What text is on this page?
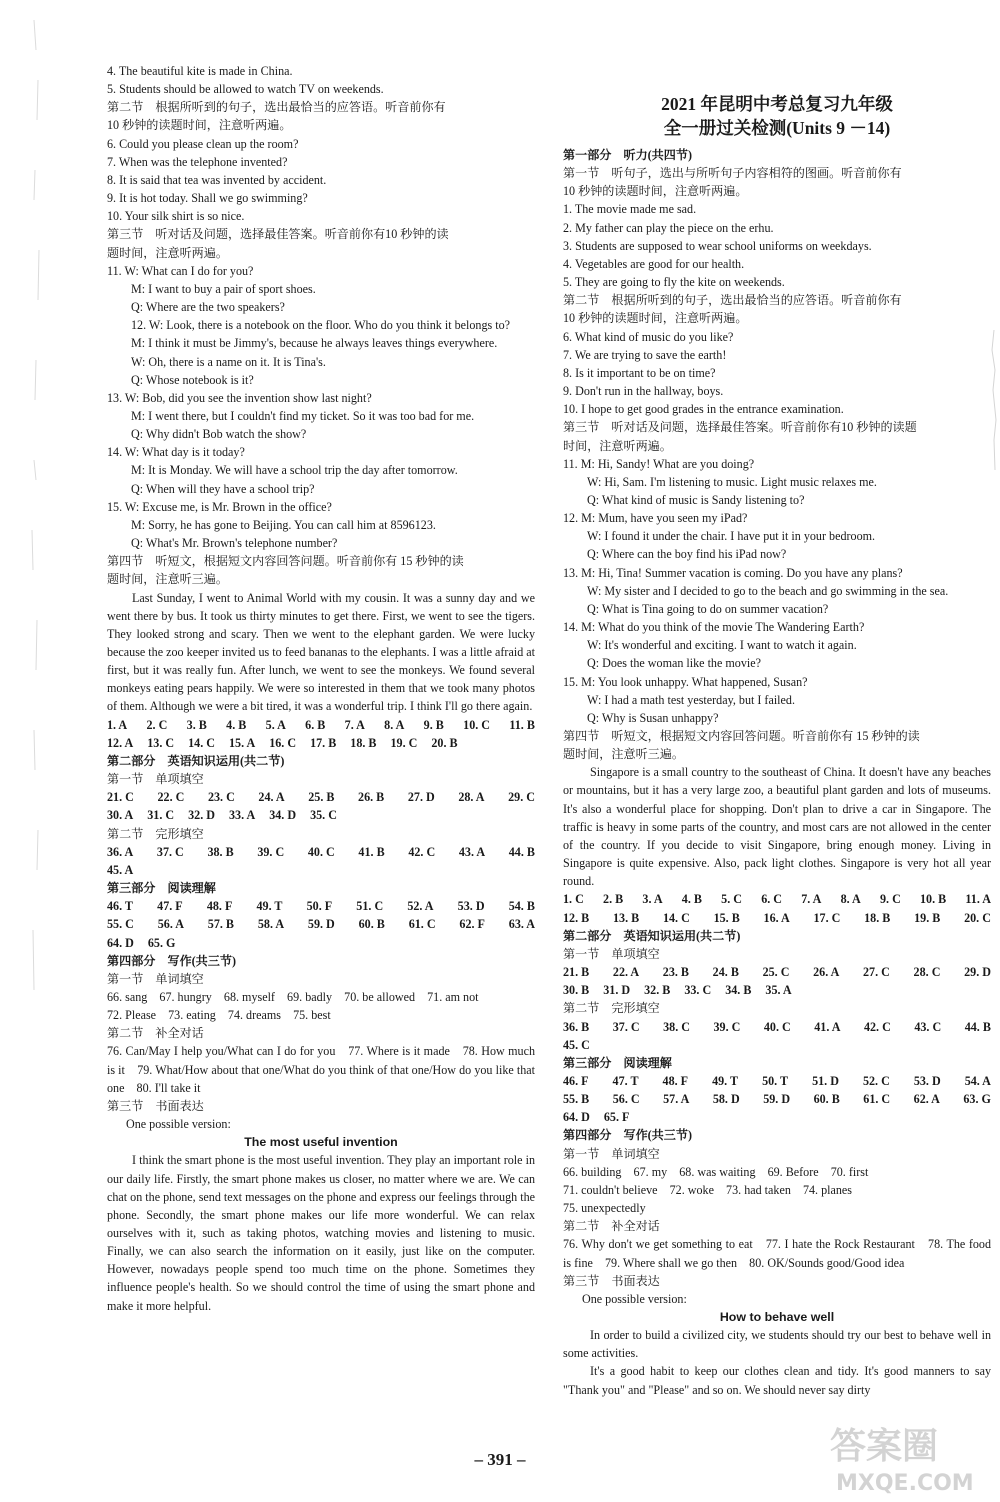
4. The beautiful kite is made in China.
5. Students should be allowed to watch TV on weekends.
第二节　根据所听到的句子，选出最恰当的应答语。听音前你有
10 秒钟的读题时间，注意听两遍。
6. Could you please clean up the room?
7. When was the telephone invented?
8. It is said that tea was invented by accident.
9. It is hot today. Shall we go swimming?
10. Your silk shirt is so nice.
第三节　听对话及问题，选择最佳答案。听音前你有10 秒钟的读
题时间，注意听两遍。
11. W: What can I do for you?
M: I want to buy a pair of sport shoes.
Q: Where are the two speakers?
12. W: Look, there is a notebook on the floor. Who do you think it belongs to?
M: I think it must be Jimmy's, because he always leaves things everywhere.
W: Oh, there is a name on it. It is Tina's.
Q: Whose notebook is it?
13. W: Bob, did you see the invention show last night?
M: I went there, but I couldn't find my ticket. So it was too bad for me.
Q: Why didn't Bob watch the show?
14. W: What day is it today?
M: It is Monday. We will have a school trip the day after tomorrow.
Q: When will they have a school trip?
15. W: Excuse me, is Mr. Brown in the office?
M: Sorry, he has gone to Beijing. You can call him at 8596123.
Q: What's Mr. Brown's telephone number?
第四节　听短文，根据短文内容回答问题。听音前你有 15 秒钟的读
题时间，注意听三遍。
Last Sunday, I went to Animal World with my cousin. It was a sunny day and we went there by bus. It took us thirty minutes to get there. First, we went to see the tigers. They looked strong and scary. Then we went to the elephant garden. We were lucky because the zoo keeper invited us to feed bananas to the elephants. I was a little afraid at first, but it was really fun. After lunch, we went to see the monkeys. We found several monkeys eating pears happily. We were so interested in them that we took many photos of them. Although we were a bit tired, it was a wonderful trip. I think I'll go there again.
1. A 2. C 3. B 4. B 5. A 6. B 7. A 8. A 9. B 10. C 11. B
12. A 13. C 14. C 15. A 16. C 17. B 18. B 19. C 20. B
第二部分　英语知识运用(共二节)
第一节　单项填空
21. C 22. C 23. C 24. A 25. B 26. B 27. D 28. A 29. C
30. A 31. C 32. D 33. A 34. D 35. C
第二节　完形填空
36. A 37. C 38. B 39. C 40. C 41. B 42. C 43. A 44. B
45. A
第三部分　阅读理解
46. T 47. F 48. F 49. T 50. F 51. C 52. A 53. D 54. B
55. C 56. A 57. B 58. A 59. D 60. B 61. C 62. F 63. A
64. D 65. G
第四部分　写作(共三节)
第一节　单词填空
66. sang　67. hungry　68. myself　69. badly　70. be allowed　71. am not
72. Please　73. eating　74. dreams　75. best
第二节　补全对话
76. Can/May I help you/What can I do for you　77. Where is it made　78. How much is it　79. What/How about that one/What do you think of that one/How do you like that one　80. I'll take it
第三节　书面表达
One possible version:
The most useful invention
I think the smart phone is the most useful invention. They play an important role in our daily life. Firstly, the smart phone makes us closer, no matter where we are. We can chat on the phone, send text messages on the phone and express our feelings through the phone. Secondly, the smart phone makes our life more wonderful. We can relax ourselves with it, such as taking photos, watching movies and listening to music. Finally, we can also search the information on it easily, just like on the computer. However, nowadays people spend too much time on the phone. Sometimes they influence people's health. So we should control the time of using the smart phone and make it more helpful.
2021 年昆明中考总复习九年级
全一册过关检测(Units 9 －14)
第一部分　听力(共四节)
第一节　听句子，选出与所听句子内容相符的图画。听音前你有
10 秒钟的读题时间，注意听两遍。
1. The movie made me sad.
2. My father can play the piece on the erhu.
3. Students are supposed to wear school uniforms on weekdays.
4. Vegetables are good for our health.
5. They are going to fly the kite on weekends.
第二节　根据所听到的句子，选出最恰当的应答语。听音前你有
10 秒钟的读题时间，注意听两遍。
6. What kind of music do you like?
7. We are trying to save the earth!
8. Is it important to be on time?
9. Don't run in the hallway, boys.
10. I hope to get good grades in the entrance examination.
第三节　听对话及问题，选择最佳答案。听音前你有10 秒钟的读题
时间，注意听两遍。
11. M: Hi, Sandy! What are you doing?
W: Hi, Sam. I'm listening to music. Light music relaxes me.
Q: What kind of music is Sandy listening to?
12. M: Mum, have you seen my iPad?
W: I found it under the chair. I have put it in your bedroom.
Q: Where can the boy find his iPad now?
13. M: Hi, Tina! Summer vacation is coming. Do you have any plans?
W: My sister and I decided to go to the beach and go swimming in the sea.
Q: What is Tina going to do on summer vacation?
14. M: What do you think of the movie The Wandering Earth?
W: It's wonderful and exciting. I want to watch it again.
Q: Does the woman like the movie?
15. M: You look unhappy. What happened, Susan?
W: I had a math test yesterday, but I failed.
Q: Why is Susan unhappy?
第四节　听短文，根据短文内容回答问题。听音前你有 15 秒钟的读
题时间，注意听三遍。
Singapore is a small country to the southeast of China. It doesn't have any beaches or mountains, but it has a very large zoo, a beautiful plant garden and lots of museums. It's also a wonderful place for shopping. Don't plan to drive a car in Singapore. The traffic is heavy in some parts of the country, and most cars are not allowed in the center of the country. If you decide to visit Singapore, bring enough money. Living in Singapore is quite expensive. Also, pack light clothes. Singapore is very hot all year round.
1. C 2. B 3. A 4. B 5. C 6. C 7. A 8. A 9. C 10. B 11. A
12. B 13. B 14. C 15. B 16. A 17. C 18. B 19. B 20. C
第二部分　英语知识运用(共二节)
第一节　单项填空
21. B 22. A 23. B 24. B 25. C 26. A 27. C 28. C 29. D
30. B 31. D 32. B 33. C 34. B 35. A
第二节　完形填空
36. B 37. C 38. C 39. C 40. C 41. A 42. C 43. C 44. B
45. C
第三部分　阅读理解
46. F 47. T 48. F 49. T 50. T 51. D 52. C 53. D 54. A
55. B 56. C 57. A 58. D 59. D 60. B 61. C 62. A 63. G
64. D 65. F
第四部分　写作(共三节)
第一节　单词填空
66. building　67. my　68. was waiting　69. Before　70. first
71. couldn't believe　72. woke　73. had taken　74. planes
75. unexpectedly
第二节　补全对话
76. Why don't we get something to eat　77. I hate the Rock Restaurant　78. The food is fine　79. Where shall we go then　80. OK/Sounds good/Good idea
第三节　书面表达
One possible version:
How to behave well
In order to build a civilized city, we students should try our best to behave well in some activities.
It's a good habit to keep our clothes clean and tidy. It's good manners to say "Thank you" and "Please" and so on. We should never say dirty
– 391 –	答案圈
MXQE.COM
